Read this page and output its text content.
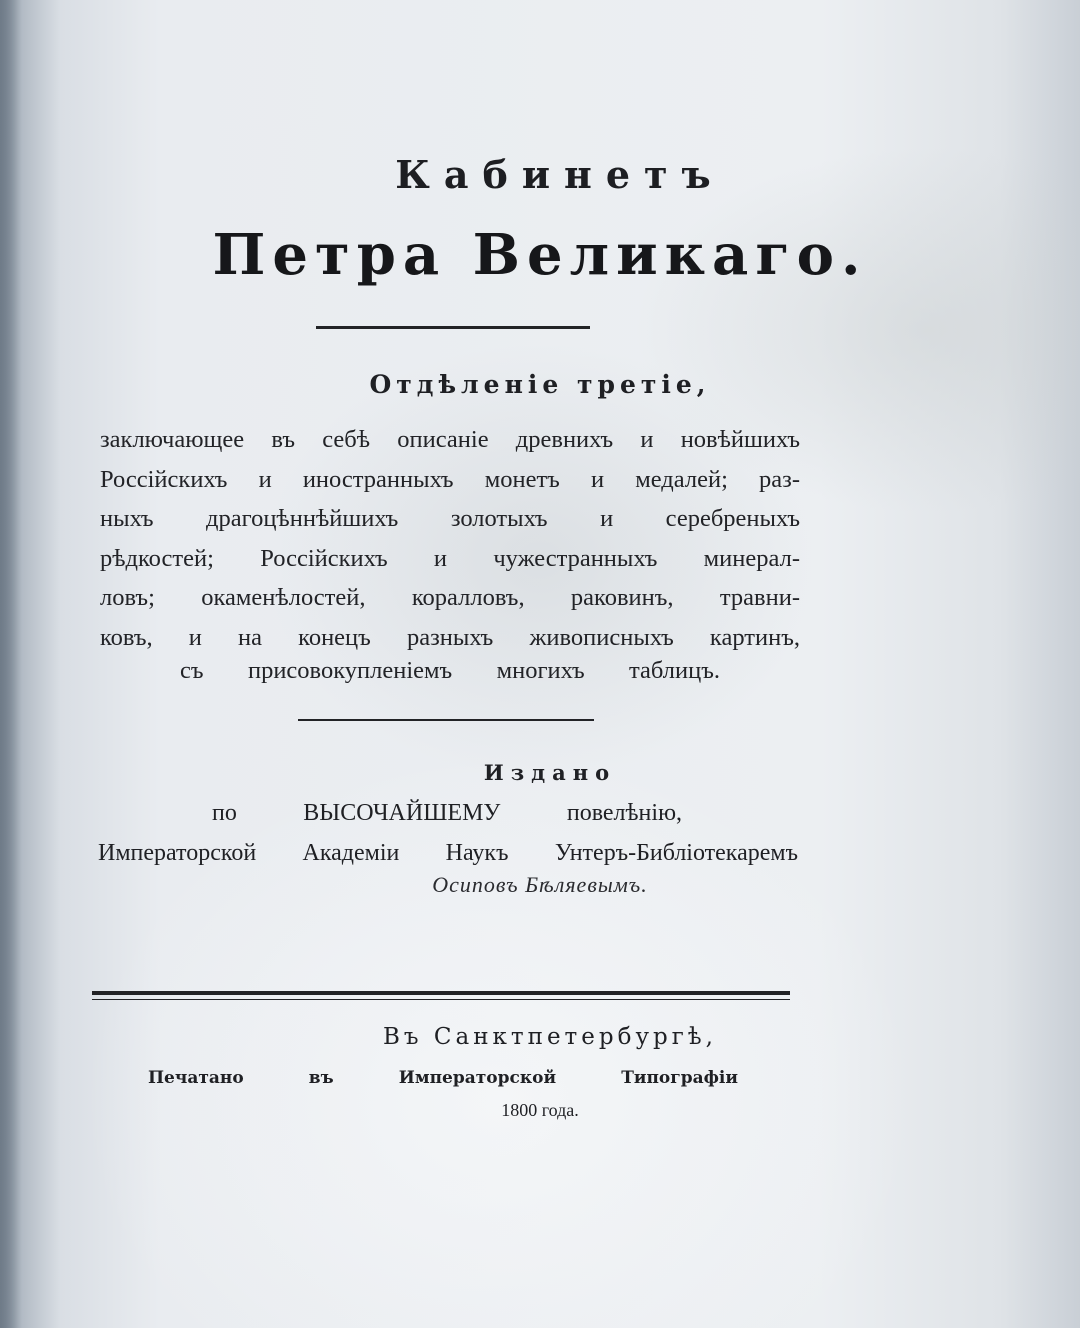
Кабинетъ
Петра Великаго.
Отдѣленіе третіе,
заключающее въ себѣ описаніе древнихъ и новѣйшихъ
Россійскихъ и иностранныхъ монетъ и медалей; раз-
ныхъ драгоцѣннѣйшихъ золотыхъ и серебреныхъ
рѣдкостей; Россійскихъ и чужестранныхъ минерал-
ловъ; окаменѣлостей, коралловъ, раковинъ, травни-
ковъ, и на конецъ разныхъ живописныхъ картинъ,
съ присовокупленіемъ многихъ таблицъ.
Издано
по ВЫСОЧАЙШЕМУ повелѣнію,
Императорской Академіи Наукъ Унтеръ-Библіотекаремъ
Осиповъ Бѣляевымъ.
Въ Санктпетербургѣ,
Печатано въ Императорской Типографіи
1800 года.
